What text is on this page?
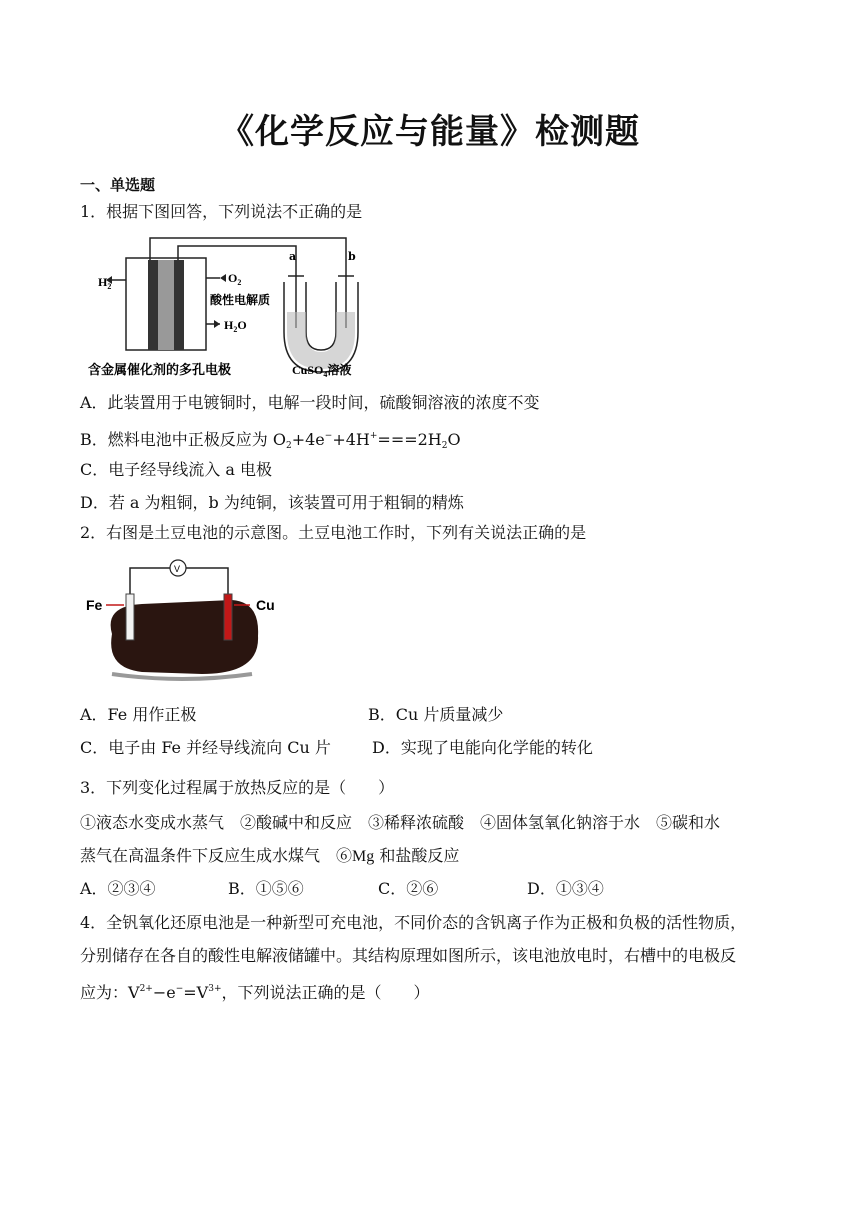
《化学反应与能量》检测题
一、单选题
1．根据下图回答，下列说法不正确的是
$H_2$
$O_2$
酸性电解质
$H_2O$
含金属催化剂的多孔电极
a	b
CuSO$_4$溶液
A．此装置用于电镀铜时，电解一段时间，硫酸铜溶液的浓度不变
B．燃料电池中正极反应为 $O_2+4e^-+4H^+===2H_2O$
C．电子经导线流入 a 电极
D．若 a 为粗铜，b 为纯铜，该装置可用于粗铜的精炼
2．右图是土豆电池的示意图。土豆电池工作时，下列有关说法正确的是
V
Fe	Cu
A．Fe 用作正极	B．Cu 片质量减少
C．电子由 Fe 并经导线流向 Cu 片	D．实现了电能向化学能的转化
3．下列变化过程属于放热反应的是（　　）
①液态水变成水蒸气　②酸碱中和反应　③稀释浓硫酸　④固体氢氧化钠溶于水　⑤碳和水
蒸气在高温条件下反应生成水煤气　⑥Mg 和盐酸反应
A．②③④	B．①⑤⑥	C．②⑥	D．①③④
4．全钒氧化还原电池是一种新型可充电池，不同价态的含钒离子作为正极和负极的活性物质，
分别储存在各自的酸性电解液储罐中。其结构原理如图所示，该电池放电时，右槽中的电极反
应为：$V^{2+}-e^-=V^{3+}$，下列说法正确的是（　　）
